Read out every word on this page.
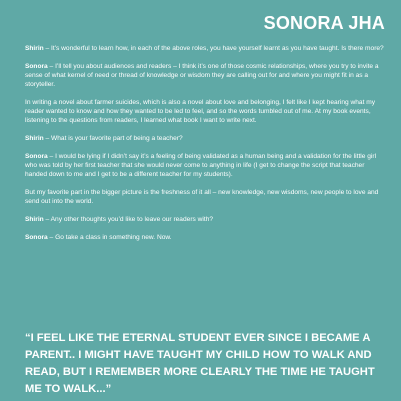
SONORA JHA

Shirin – It’s wonderful to learn how, in each of the above roles, you have yourself learnt as you have taught. Is there more?

Sonora – I’ll tell you about audiences and readers – I think it’s one of those cosmic relationships, where you try to invite a sense of what kernel of need or thread of knowledge or wisdom they are calling out for and where you might fit in as a storyteller.

In writing a novel about farmer suicides, which is also a novel about love and belonging, I felt like I kept hearing what my reader wanted to know and how they wanted to be led to feel, and so the words tumbled out of me. At my book events, listening to the questions from readers, I learned what book I want to write next.

Shirin – What is your favorite part of being a teacher?

Sonora – I would be lying if I didn’t say it’s a feeling of being validated as a human being and a validation for the little girl who was told by her first teacher that she would never come to anything in life (I get to change the script that teacher handed down to me and I get to be a different teacher for my students).

But my favorite part in the bigger picture is the freshness of it all – new knowledge, new wisdoms, new people to love and send out into the world.

Shirin – Any other thoughts you’d like to leave our readers with?

Sonora – Go take a class in something new. Now.

“I FEEL LIKE THE ETERNAL STUDENT EVER SINCE I BECAME A PARENT.. I MIGHT HAVE TAUGHT MY CHILD HOW TO WALK AND READ, BUT I REMEMBER MORE CLEARLY THE TIME HE TAUGHT ME TO WALK...”
